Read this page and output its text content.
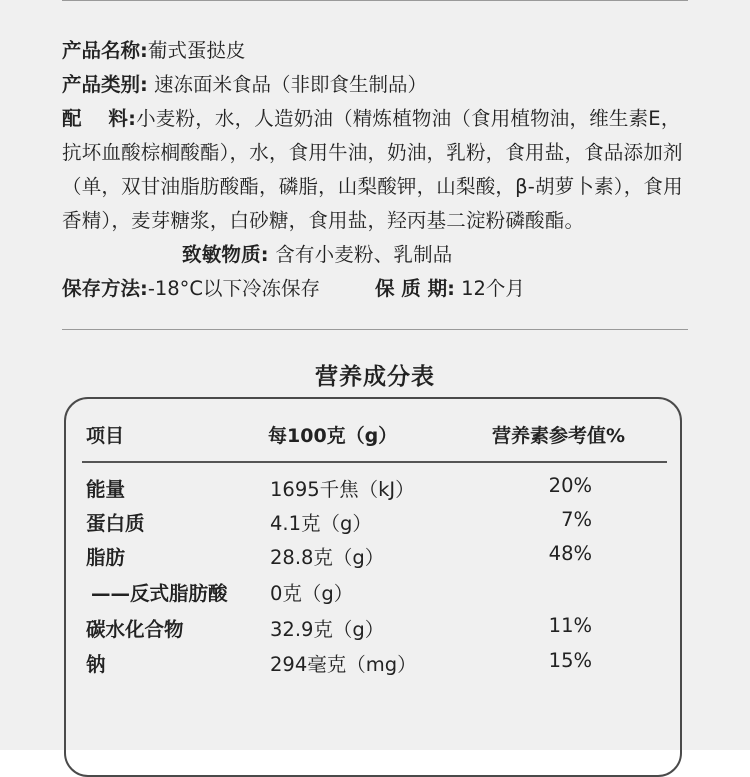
产品名称:葡式蛋挞皮
产品类别: 速冻面米食品（非即食生制品）
配　 料:小麦粉，水，人造奶油（精炼植物油（食用植物油，维生素E，抗坏血酸棕榈酸酯），水，食用牛油，奶油，乳粉，食用盐，食品添加剂（单，双甘油脂肪酸酯，磷脂，山梨酸钾，山梨酸，β-胡萝卜素），食用香精），麦芽糖浆，白砂糖，食用盐，羟丙基二淀粉磷酸酯。致敏物质: 含有小麦粉、乳制品
保存方法:-18°C以下冷冻保存	保 质 期: 12个月
营养成分表
项目	每100克（g）	营养素参考值%
能量	1695千焦（kJ）	20%
蛋白质	4.1克（g）	7%
脂肪	28.8克（g）	48%
——反式脂肪酸 0克（g）
碳水化合物	32.9克（g）	11%
钠	294毫克（mg）	15%
